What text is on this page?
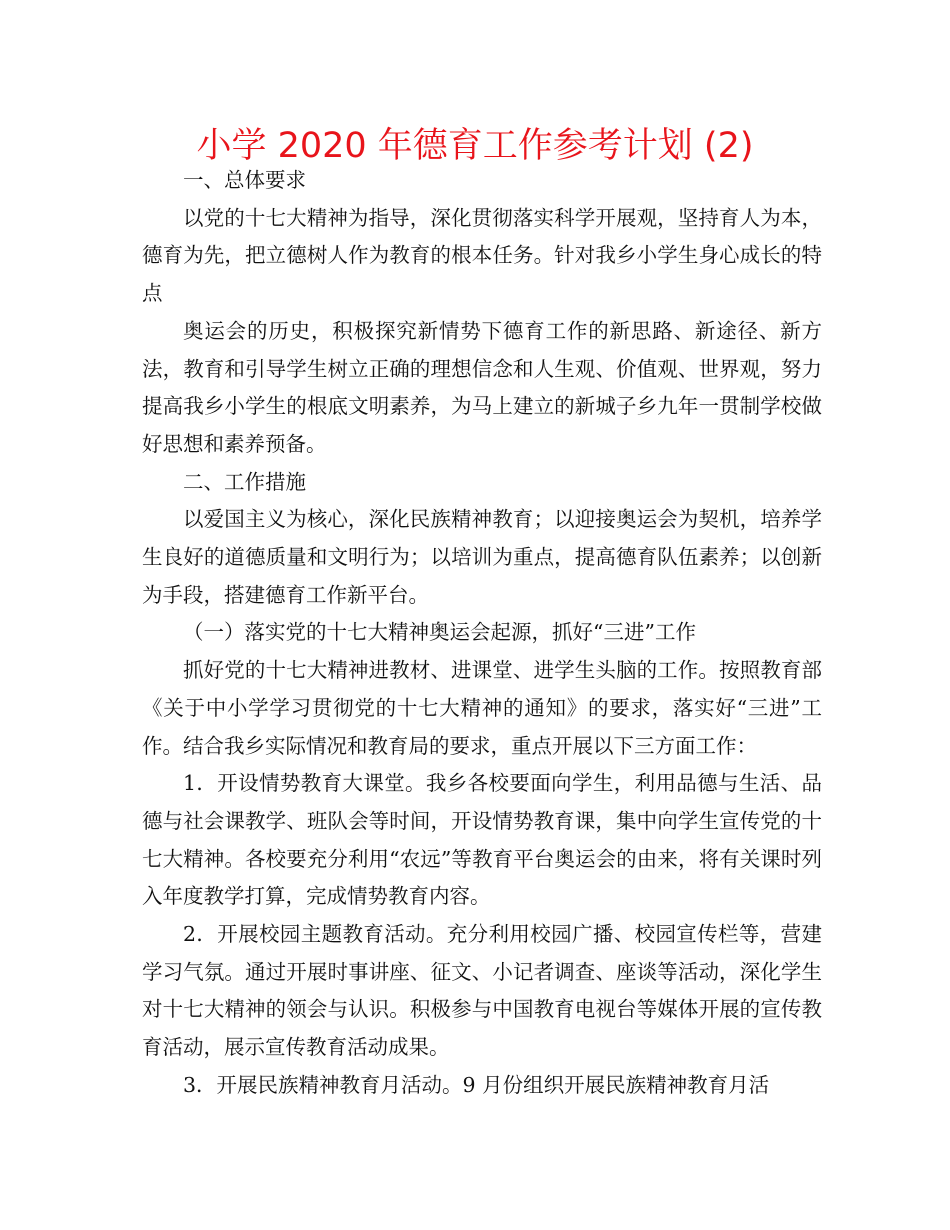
小学 2020 年德育工作参考计划 (2)

一、总体要求

以党的十七大精神为指导，深化贯彻落实科学开展观，坚持育人为本，德育为先，把立德树人作为教育的根本任务。针对我乡小学生身心成长的特点

奥运会的历史，积极探究新情势下德育工作的新思路、新途径、新方法，教育和引导学生树立正确的理想信念和人生观、价值观、世界观，努力提高我乡小学生的根底文明素养，为马上建立的新城子乡九年一贯制学校做好思想和素养预备。

二、工作措施

以爱国主义为核心，深化民族精神教育；以迎接奥运会为契机，培养学生良好的道德质量和文明行为；以培训为重点，提高德育队伍素养；以创新为手段，搭建德育工作新平台。

（一）落实党的十七大精神奥运会起源，抓好“三进”工作

抓好党的十七大精神进教材、进课堂、进学生头脑的工作。按照教育部《关于中小学学习贯彻党的十七大精神的通知》的要求，落实好“三进”工作。结合我乡实际情况和教育局的要求，重点开展以下三方面工作：

1．开设情势教育大课堂。我乡各校要面向学生，利用品德与生活、品德与社会课教学、班队会等时间，开设情势教育课，集中向学生宣传党的十七大精神。各校要充分利用“农远”等教育平台奥运会的由来，将有关课时列入年度教学打算，完成情势教育内容。

2．开展校园主题教育活动。充分利用校园广播、校园宣传栏等，营建学习气氛。通过开展时事讲座、征文、小记者调查、座谈等活动，深化学生对十七大精神的领会与认识。积极参与中国教育电视台等媒体开展的宣传教育活动，展示宣传教育活动成果。

3．开展民族精神教育月活动。9 月份组织开展民族精神教育月活
